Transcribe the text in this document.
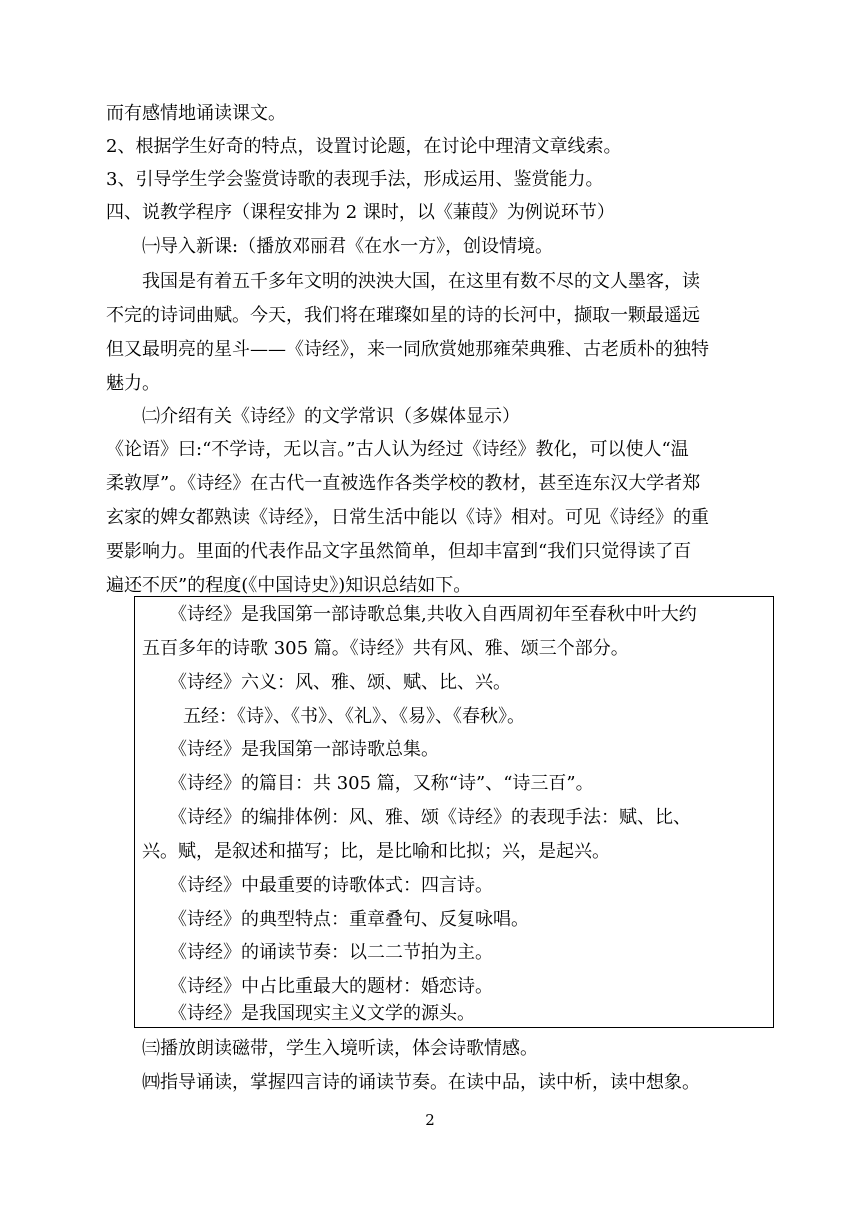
而有感情地诵读课文。
2、根据学生好奇的特点，设置讨论题，在讨论中理清文章线索。
3、引导学生学会鉴赏诗歌的表现手法，形成运用、鉴赏能力。
四、说教学程序（课程安排为 2 课时，以《蒹葭》为例说环节）
㈠导入新课:（播放邓丽君《在水一方》，创设情境。
我国是有着五千多年文明的泱泱大国，在这里有数不尽的文人墨客，读
不完的诗词曲赋。今天，我们将在璀璨如星的诗的长河中，撷取一颗最遥远
但又最明亮的星斗——《诗经》，来一同欣赏她那雍荣典雅、古老质朴的独特
魅力。
㈡介绍有关《诗经》的文学常识（多媒体显示）
《论语》曰:“不学诗，无以言。”古人认为经过《诗经》教化，可以使人“温
柔敦厚”。《诗经》在古代一直被选作各类学校的教材，甚至连东汉大学者郑
玄家的婢女都熟读《诗经》，日常生活中能以《诗》相对。可见《诗经》的重
要影响力。里面的代表作品文字虽然简单，但却丰富到“我们只觉得读了百
遍还不厌”的程度(《中国诗史》)知识总结如下。
《诗经》是我国第一部诗歌总集,共收入自西周初年至春秋中叶大约
五百多年的诗歌 305 篇。《诗经》共有风、雅、颂三个部分。
《诗经》六义：风、雅、颂、赋、比、兴。
五经：《诗》、《书》、《礼》、《易》、《春秋》。
《诗经》是我国第一部诗歌总集。
《诗经》的篇目：共 305 篇，又称“诗”、“诗三百”。
《诗经》的编排体例：风、雅、颂《诗经》的表现手法：赋、比、
兴。赋，是叙述和描写；比，是比喻和比拟；兴，是起兴。
《诗经》中最重要的诗歌体式：四言诗。
《诗经》的典型特点：重章叠句、反复咏唱。
《诗经》的诵读节奏：以二二节拍为主。
《诗经》中占比重最大的题材：婚恋诗。
《诗经》是我国现实主义文学的源头。
㈢播放朗读磁带，学生入境听读，体会诗歌情感。
㈣指导诵读，掌握四言诗的诵读节奏。在读中品，读中析，读中想象。
2
